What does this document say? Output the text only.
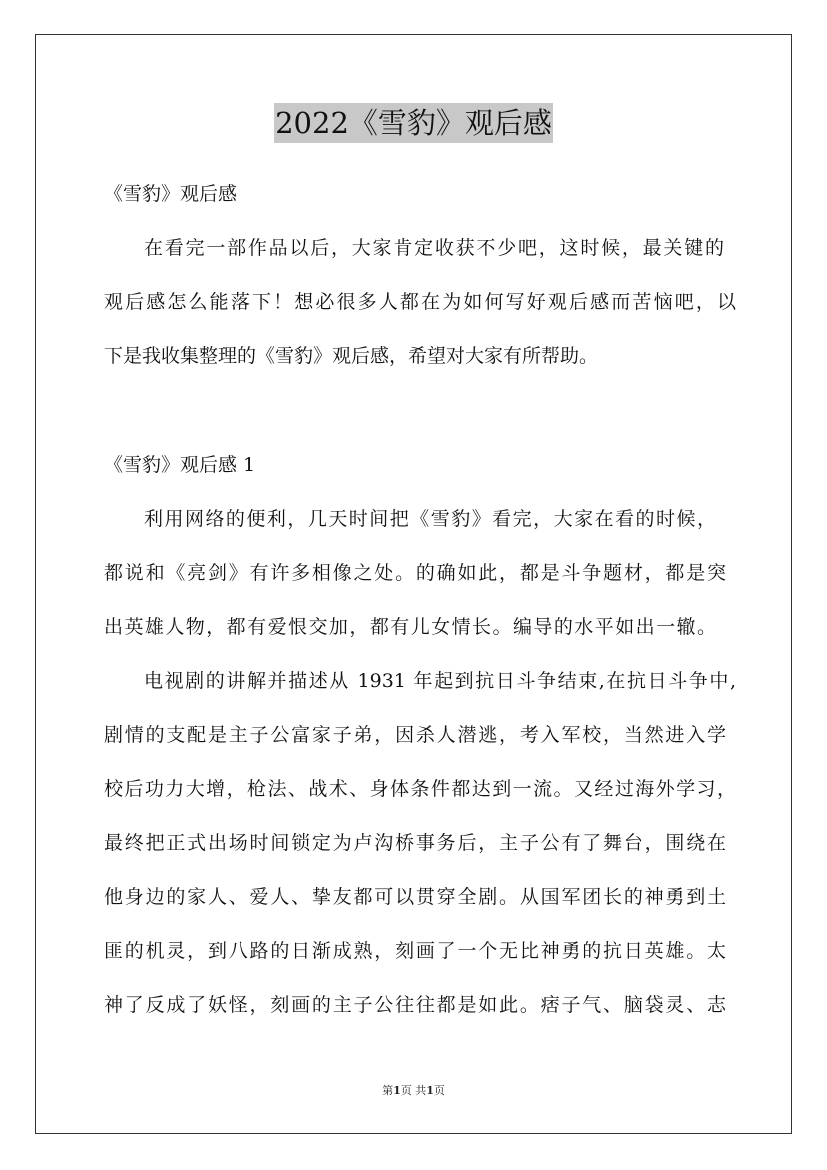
2022《雪豹》观后感
《雪豹》观后感
在看完一部作品以后，大家肯定收获不少吧，这时候，最关键的
观后感怎么能落下！想必很多人都在为如何写好观后感而苦恼吧，以
下是我收集整理的《雪豹》观后感，希望对大家有所帮助。
《雪豹》观后感 1
利用网络的便利，几天时间把《雪豹》看完，大家在看的时候，
都说和《亮剑》有许多相像之处。的确如此，都是斗争题材，都是突
出英雄人物，都有爱恨交加，都有儿女情长。编导的水平如出一辙。
电视剧的讲解并描述从 1931 年起到抗日斗争结束,在抗日斗争中,
剧情的支配是主子公富家子弟，因杀人潜逃，考入军校，当然进入学
校后功力大增，枪法、战术、身体条件都达到一流。又经过海外学习，
最终把正式出场时间锁定为卢沟桥事务后，主子公有了舞台，围绕在
他身边的家人、爱人、挚友都可以贯穿全剧。从国军团长的神勇到土
匪的机灵，到八路的日渐成熟，刻画了一个无比神勇的抗日英雄。太
神了反成了妖怪，刻画的主子公往往都是如此。痞子气、脑袋灵、志
第1页 共1页
